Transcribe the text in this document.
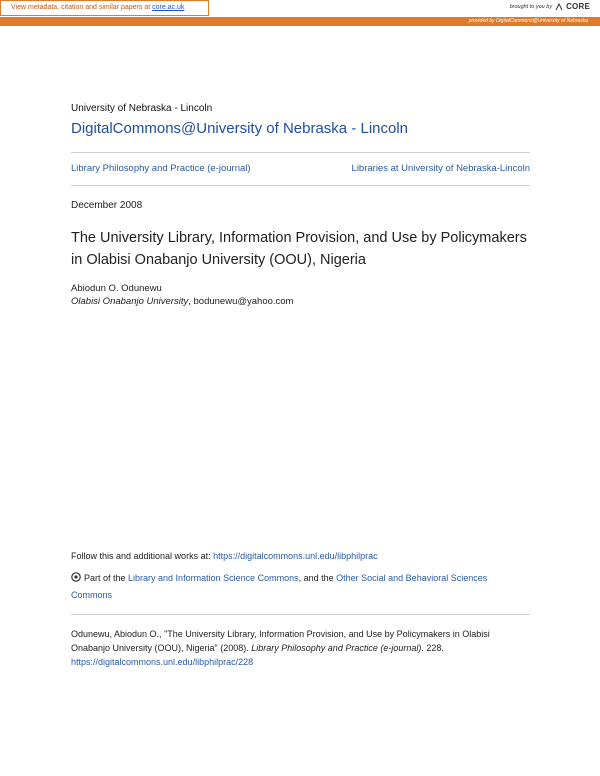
View metadata, citation and similar papers at core.ac.uk	brought to you by CORE
provided by DigitalCommons@University of Nebraska
University of Nebraska - Lincoln
DigitalCommons@University of Nebraska - Lincoln
Library Philosophy and Practice (e-journal)	Libraries at University of Nebraska-Lincoln
December 2008
The University Library, Information Provision, and Use by Policymakers in Olabisi Onabanjo University (OOU), Nigeria
Abiodun O. Odunewu
Olabisi Onabanjo University, bodunewu@yahoo.com
Follow this and additional works at: https://digitalcommons.unl.edu/libphilprac
Part of the Library and Information Science Commons, and the Other Social and Behavioral Sciences Commons
Odunewu, Abiodun O., "The University Library, Information Provision, and Use by Policymakers in Olabisi Onabanjo University (OOU), Nigeria" (2008). Library Philosophy and Practice (e-journal). 228.
https://digitalcommons.unl.edu/libphilprac/228
